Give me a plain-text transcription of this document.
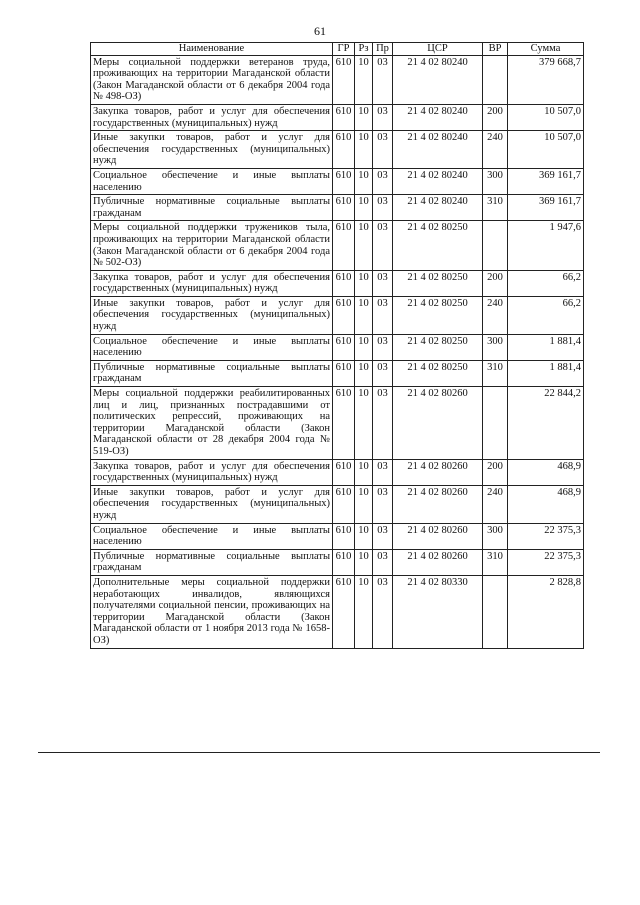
61
Наименование	ГР	Рз	Пр	ЦСР	ВР	Сумма
Меры социальной поддержки ветеранов труда, проживающих на территории Магаданской области (Закон Магаданской области от 6 декабря 2004 года № 498-ОЗ)	610	10	03	21 4 02 80240		379 668,7
Закупка товаров, работ и услуг для обеспечения государственных (муниципальных) нужд	610	10	03	21 4 02 80240	200	10 507,0
Иные закупки товаров, работ и услуг для обеспечения государственных (муниципальных) нужд	610	10	03	21 4 02 80240	240	10 507,0
Социальное обеспечение и иные выплаты населению	610	10	03	21 4 02 80240	300	369 161,7
Публичные нормативные социальные выплаты гражданам	610	10	03	21 4 02 80240	310	369 161,7
Меры социальной поддержки тружеников тыла, проживающих на территории Магаданской области (Закон Магаданской области от 6 декабря 2004 года № 502-ОЗ)	610	10	03	21 4 02 80250		1 947,6
Закупка товаров, работ и услуг для обеспечения государственных (муниципальных) нужд	610	10	03	21 4 02 80250	200	66,2
Иные закупки товаров, работ и услуг для обеспечения государственных (муниципальных) нужд	610	10	03	21 4 02 80250	240	66,2
Социальное обеспечение и иные выплаты населению	610	10	03	21 4 02 80250	300	1 881,4
Публичные нормативные социальные выплаты гражданам	610	10	03	21 4 02 80250	310	1 881,4
Меры социальной поддержки реабилитированных лиц и лиц, признанных пострадавшими от политических репрессий, проживающих на территории Магаданской области (Закон Магаданской области от 28 декабря 2004 года № 519-ОЗ)	610	10	03	21 4 02 80260		22 844,2
Закупка товаров, работ и услуг для обеспечения государственных (муниципальных) нужд	610	10	03	21 4 02 80260	200	468,9
Иные закупки товаров, работ и услуг для обеспечения государственных (муниципальных) нужд	610	10	03	21 4 02 80260	240	468,9
Социальное обеспечение и иные выплаты населению	610	10	03	21 4 02 80260	300	22 375,3
Публичные нормативные социальные выплаты гражданам	610	10	03	21 4 02 80260	310	22 375,3
Дополнительные меры социальной поддержки неработающих инвалидов, являющихся получателями социальной пенсии, проживающих на территории Магаданской области (Закон Магаданской области от 1 ноября 2013 года № 1658-ОЗ)	610	10	03	21 4 02 80330		2 828,8
